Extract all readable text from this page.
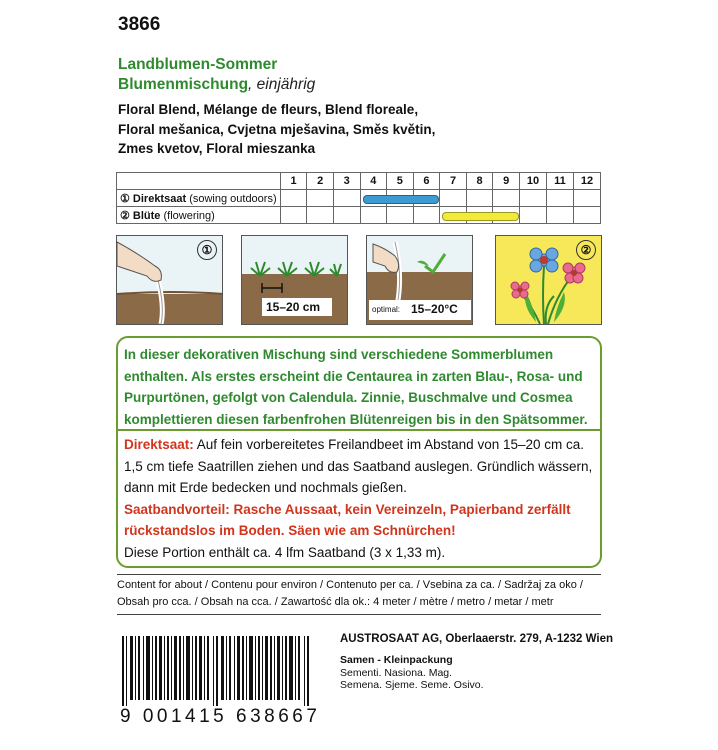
3866
Landblumen-Sommer
Blumenmischung, einjährig
Floral Blend, Mélange de fleurs, Blend floreale,
Floral mešanica, Cvjetna mješavina, Směs květin,
Zmes kvetov, Floral mieszanka
	1	2	3	4	5	6	7	8	9	10	11	12
① Direktsaat (sowing outdoors)												
② Blüte (flowering)												
①
15–20 cm	optimal: 15–20°C
②
In dieser dekorativen Mischung sind verschiedene Sommerblumen enthalten. Als erstes erscheint die Centaurea in zarten Blau-, Rosa- und Purpurtönen, gefolgt von Calendula. Zinnie, Buschmalve und Cosmea komplettieren diesen farbenfrohen Blütenreigen bis in den Spätsommer.
Direktsaat: Auf fein vorbereitetes Freilandbeet im Abstand von 15–20 cm ca. 1,5 cm tiefe Saatrillen ziehen und das Saatband auslegen. Gründlich wässern, dann mit Erde bedecken und nochmals gießen.
Saatbandvorteil: Rasche Aussaat, kein Vereinzeln, Papierband zerfällt rückstandslos im Boden. Säen wie am Schnürchen!
Diese Portion enthält ca. 4 lfm Saatband (3 x 1,33 m).
Content for about / Contenu pour environ / Contenuto per ca. / Vsebina za ca. / Sadržaj za oko /
Obsah pro cca. / Obsah na cca. / Zawartość dla ok.: 4 meter / mètre / metro / metar / metr
9 001415 638667
AUSTROSAAT AG, Oberlaaerstr. 279, A-1232 Wien
Samen - Kleinpackung
Sementi. Nasiona. Mag.
Semena. Sjeme. Seme. Osivo.
